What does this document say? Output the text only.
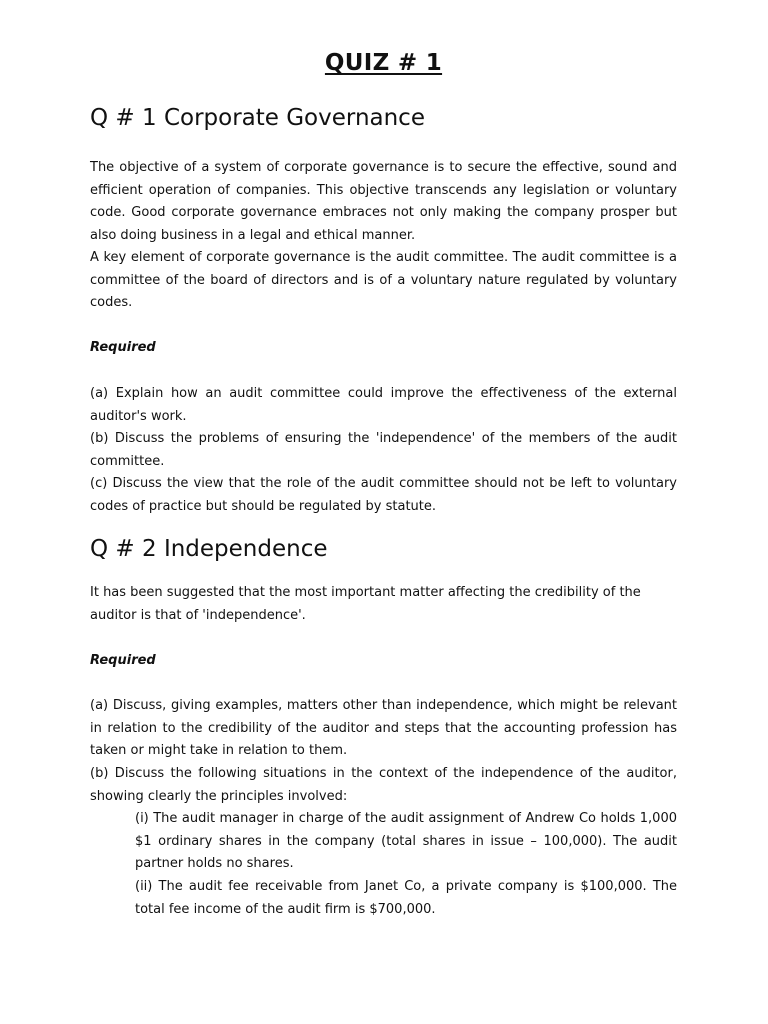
QUIZ # 1
Q # 1 Corporate Governance

The objective of a system of corporate governance is to secure the effective, sound and efficient operation of companies. This objective transcends any legislation or voluntary code. Good corporate governance embraces not only making the company prosper but also doing business in a legal and ethical manner.

A key element of corporate governance is the audit committee. The audit committee is a committee of the board of directors and is of a voluntary nature regulated by voluntary codes.

Required

(a) Explain how an audit committee could improve the effectiveness of the external auditor's work.

(b) Discuss the problems of ensuring the 'independence' of the members of the audit committee.

(c) Discuss the view that the role of the audit committee should not be left to voluntary codes of practice but should be regulated by statute.

Q # 2 Independence

It has been suggested that the most important matter affecting the credibility of the auditor is that of 'independence'.

Required

(a) Discuss, giving examples, matters other than independence, which might be relevant in relation to the credibility of the auditor and steps that the accounting profession has taken or might take in relation to them.

(b) Discuss the following situations in the context of the independence of the auditor, showing clearly the principles involved:

(i) The audit manager in charge of the audit assignment of Andrew Co holds 1,000 $1 ordinary shares in the company (total shares in issue – 100,000). The audit partner holds no shares.

(ii) The audit fee receivable from Janet Co, a private company is $100,000. The total fee income of the audit firm is $700,000.
